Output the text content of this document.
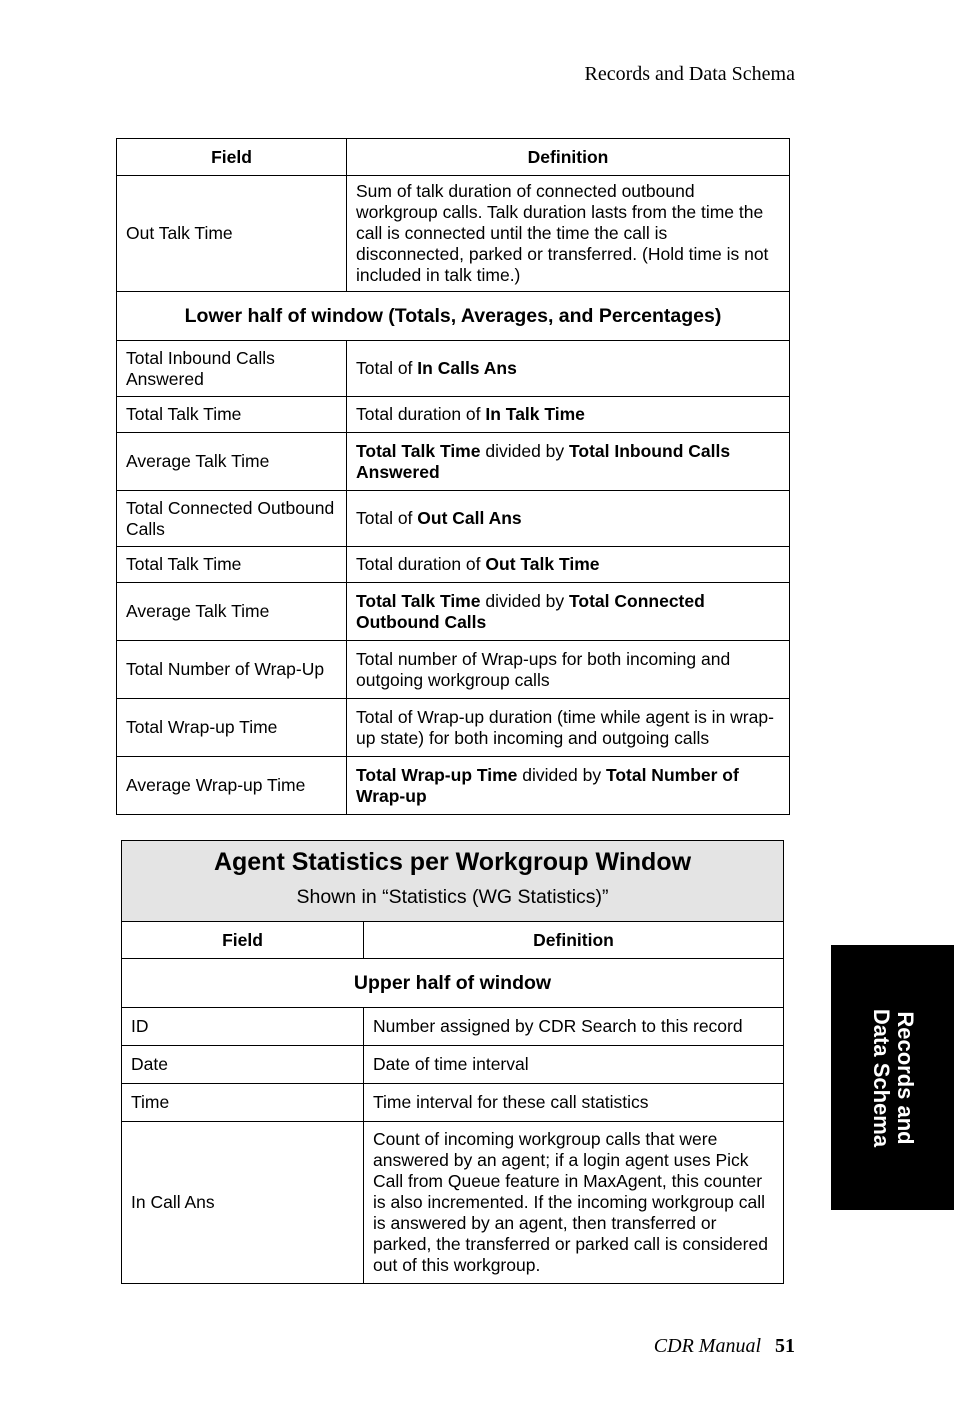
Records and Data Schema
Field	Definition
Out Talk Time	Sum of talk duration of connected outbound workgroup calls. Talk duration lasts from the time the call is connected until the time the call is disconnected, parked or transferred. (Hold time is not included in talk time.)
Lower half of window (Totals, Averages, and Percentages)	
Total Inbound Calls Answered	Total of In Calls Ans
Total Talk Time	Total duration of In Talk Time
Average Talk Time	Total Talk Time divided by Total Inbound Calls Answered
Total Connected Outbound Calls	Total of Out Call Ans
Total Talk Time	Total duration of Out Talk Time
Average Talk Time	Total Talk Time divided by Total Connected Outbound Calls
Total Number of Wrap-Up	Total number of Wrap-ups for both incoming and outgoing workgroup calls
Total Wrap-up Time	Total of Wrap-up duration (time while agent is in wrap-up state) for both incoming and outgoing calls
Average Wrap-up Time	Total Wrap-up Time divided by Total Number of Wrap-up
Agent Statistics per Workgroup Window
Shown in “Statistics (WG Statistics)”	

Field	Definition
Upper half of window	
ID	Number assigned by CDR Search to this record
Date	Date of time interval
Time	Time interval for these call statistics
In Call Ans	Count of incoming workgroup calls that were answered by an agent; if a login agent uses Pick Call from Queue feature in MaxAgent, this counter is also incremented. If the incoming workgroup call is answered by an agent, then transferred or parked, the transferred or parked call is considered out of this workgroup.
Records and
Data Schema
CDR Manual 51
